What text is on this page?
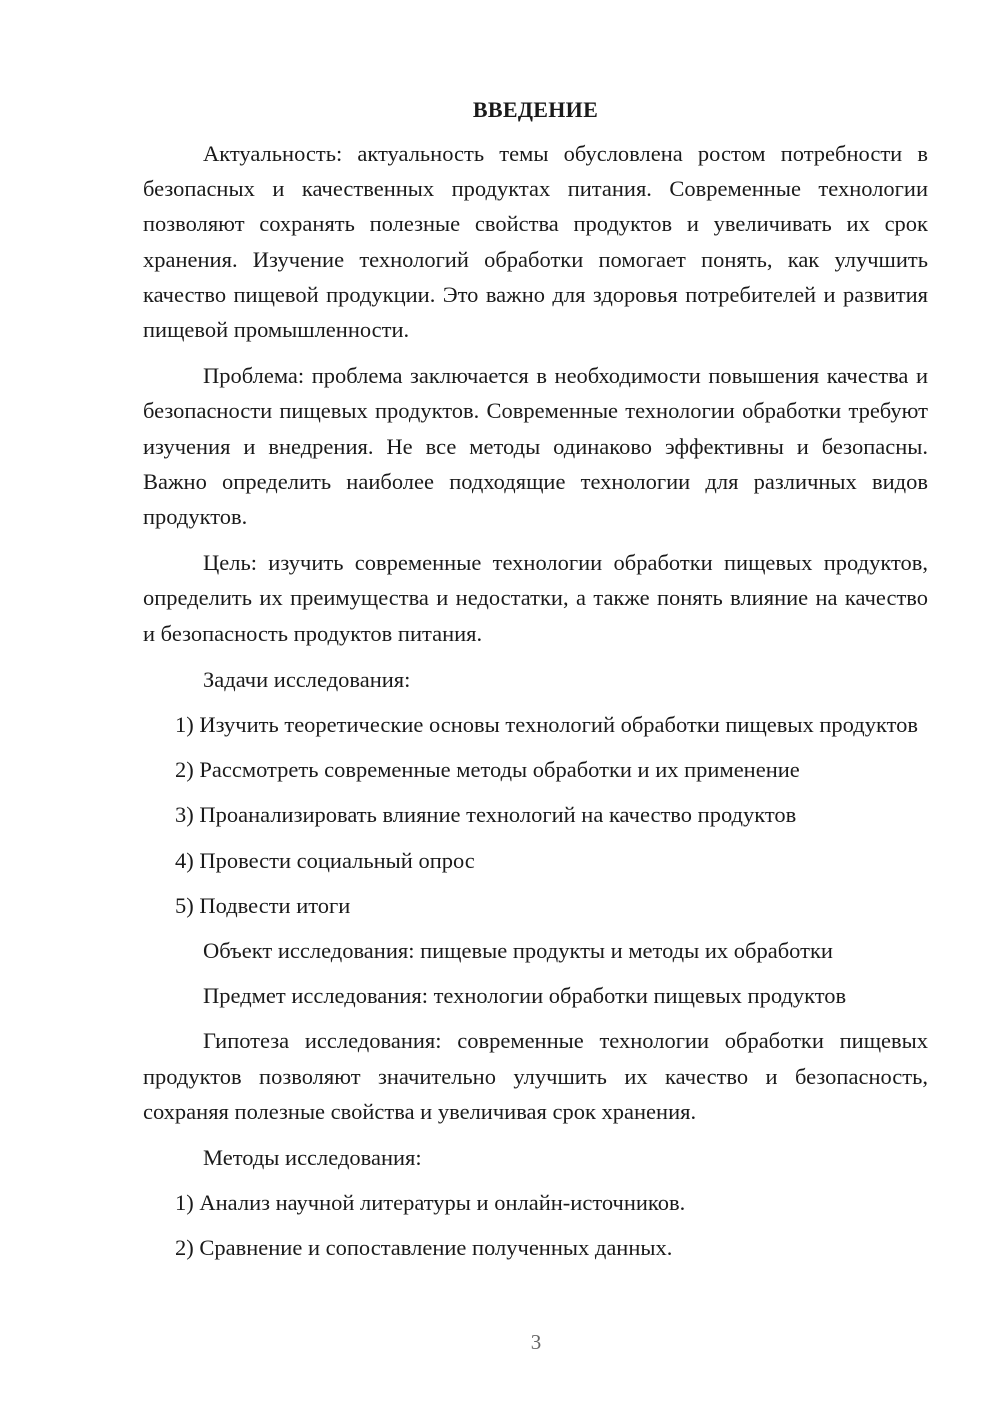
ВВЕДЕНИЕ

Актуальность: актуальность темы обусловлена ростом потребности в безопасных и качественных продуктах питания. Современные технологии позволяют сохранять полезные свойства продуктов и увеличивать их срок хранения. Изучение технологий обработки помогает понять, как улучшить качество пищевой продукции. Это важно для здоровья потребителей и развития пищевой промышленности.

Проблема: проблема заключается в необходимости повышения качества и безопасности пищевых продуктов. Современные технологии обработки требуют изучения и внедрения. Не все методы одинаково эффективны и безопасны. Важно определить наиболее подходящие технологии для различных видов продуктов.

Цель: изучить современные технологии обработки пищевых продуктов, определить их преимущества и недостатки, а также понять влияние на качество и безопасность продуктов питания.

Задачи исследования:

1) Изучить теоретические основы технологий обработки пищевых продуктов

2) Рассмотреть современные методы обработки и их применение

3) Проанализировать влияние технологий на качество продуктов

4) Провести социальный опрос

5) Подвести итоги

Объект исследования: пищевые продукты и методы их обработки

Предмет исследования: технологии обработки пищевых продуктов

Гипотеза исследования: современные технологии обработки пищевых продуктов позволяют значительно улучшить их качество и безопасность, сохраняя полезные свойства и увеличивая срок хранения.

Методы исследования:

1) Анализ научной литературы и онлайн-источников.

2) Сравнение и сопоставление полученных данных.

3
